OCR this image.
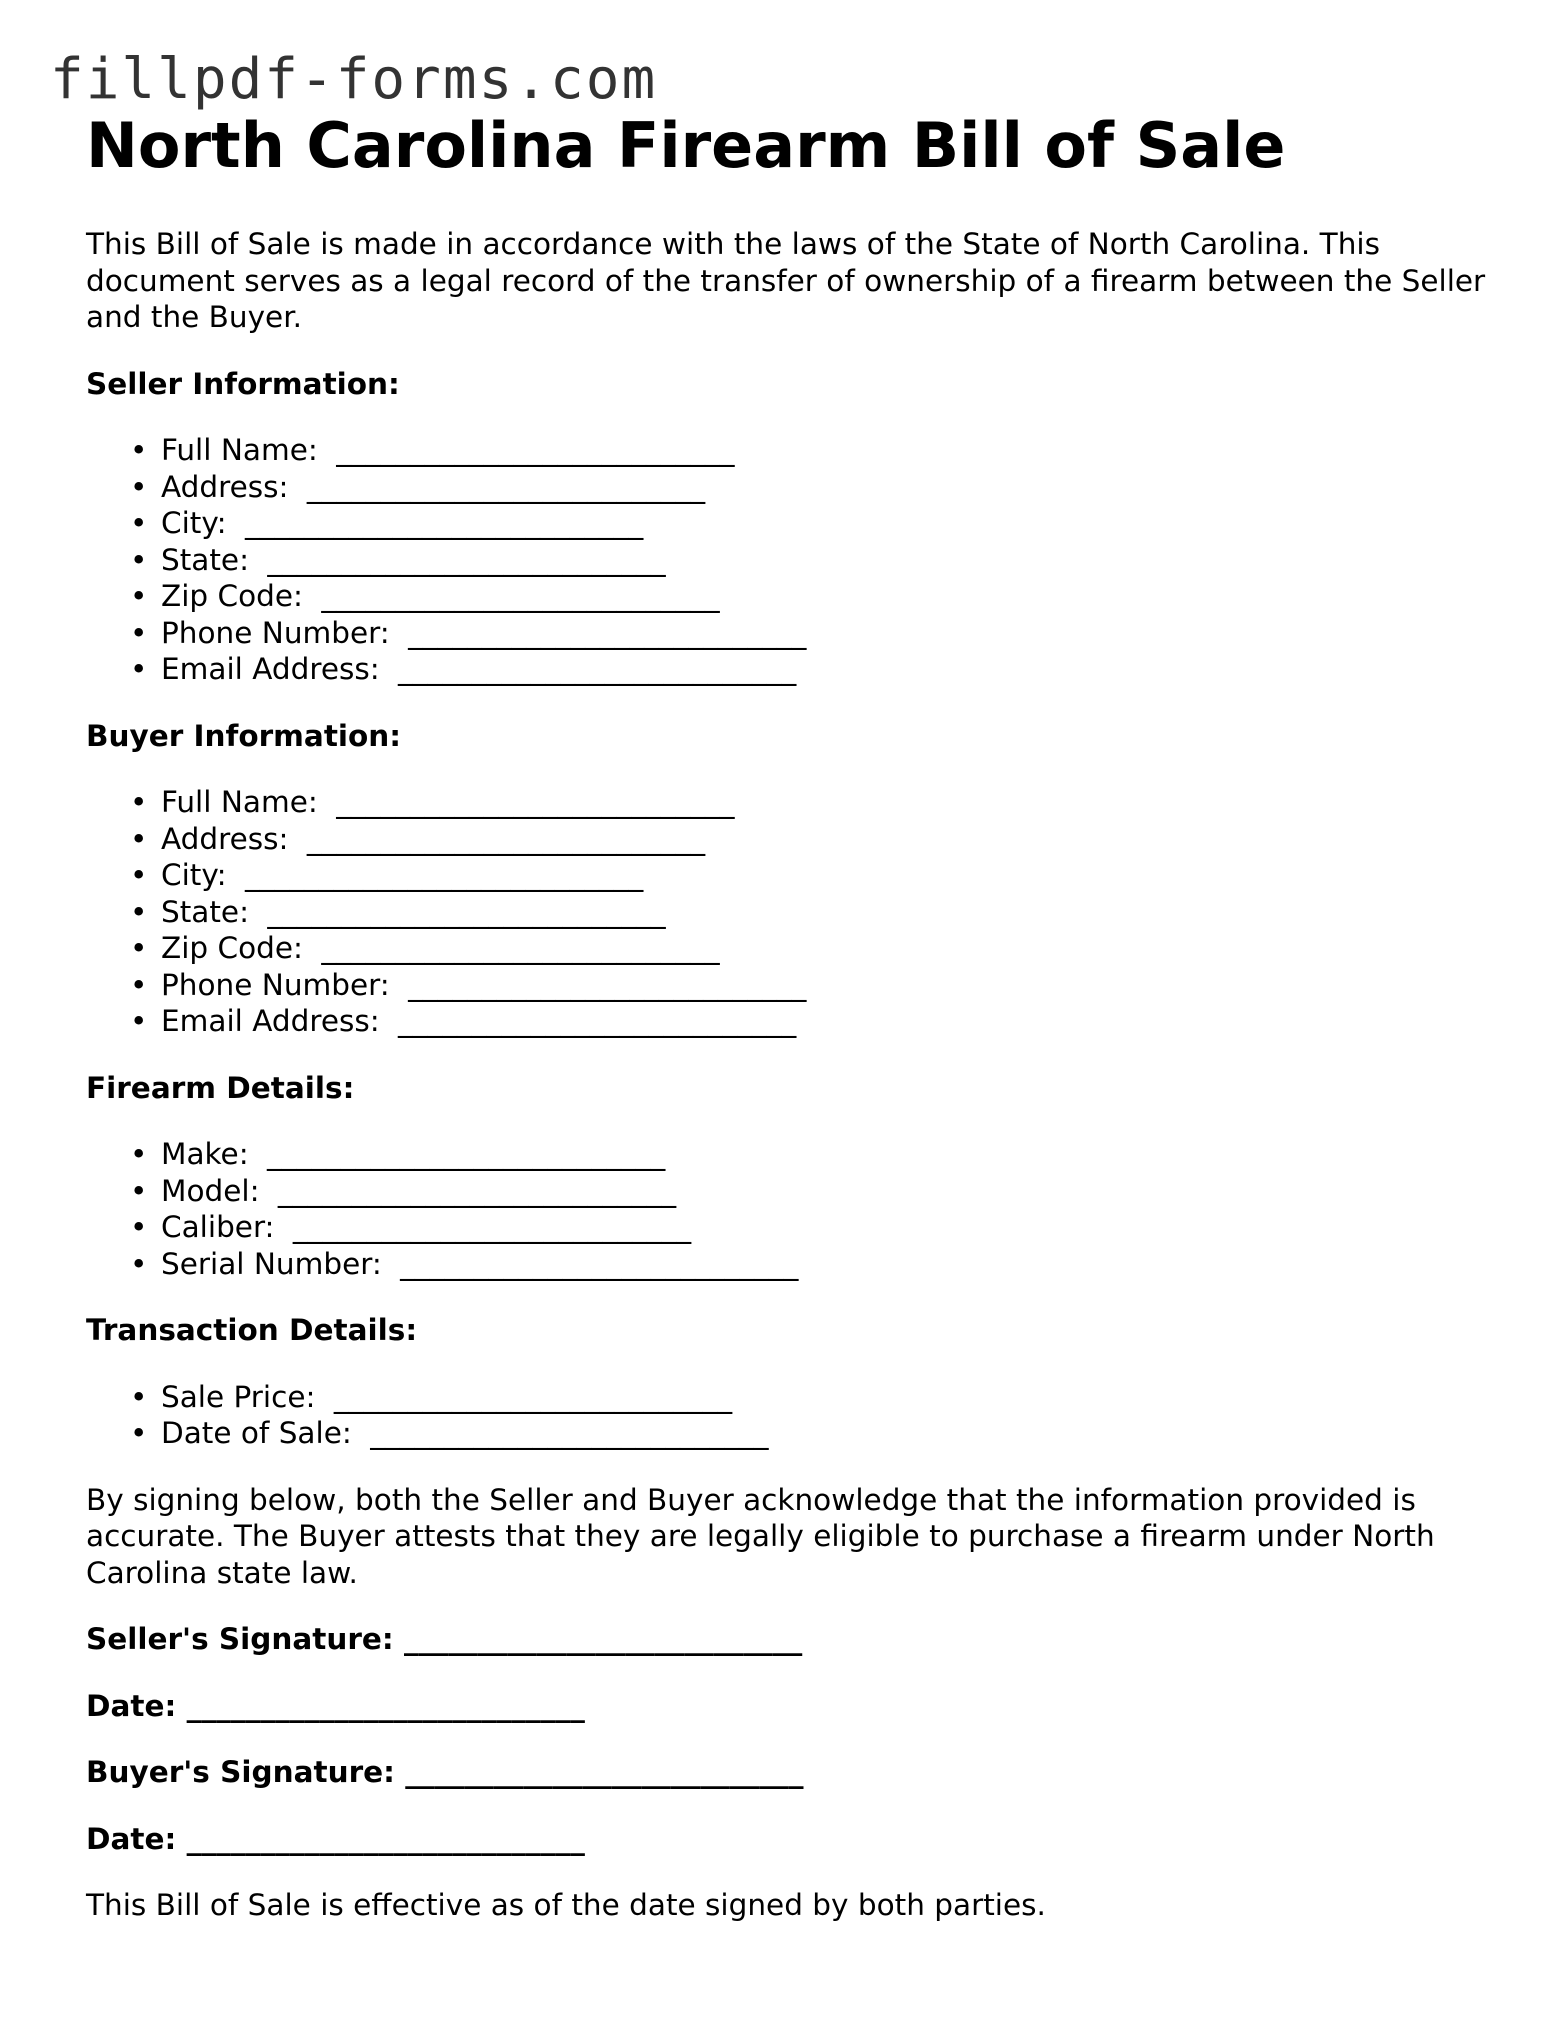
fillpdf-forms.com
North Carolina Firearm Bill of Sale

This Bill of Sale is made in accordance with the laws of the State of North Carolina. This document serves as a legal record of the transfer of ownership of a firearm between the Seller and the Buyer.

Seller Information:
• Full Name: ___________________________
• Address: ___________________________
• City: ___________________________
• State: ___________________________
• Zip Code: ___________________________
• Phone Number: ___________________________
• Email Address: ___________________________
Buyer Information:
• Full Name: ___________________________
• Address: ___________________________
• City: ___________________________
• State: ___________________________
• Zip Code: ___________________________
• Phone Number: ___________________________
• Email Address: ___________________________
Firearm Details:
• Make: ___________________________
• Model: ___________________________
• Caliber: ___________________________
• Serial Number: ___________________________
Transaction Details:
• Sale Price: ___________________________
• Date of Sale: ___________________________

By signing below, both the Seller and Buyer acknowledge that the information provided is accurate. The Buyer attests that they are legally eligible to purchase a firearm under North Carolina state law.

Seller's Signature: ___________________________
Date: ___________________________
Buyer's Signature: ___________________________
Date: ___________________________

This Bill of Sale is effective as of the date signed by both parties.
